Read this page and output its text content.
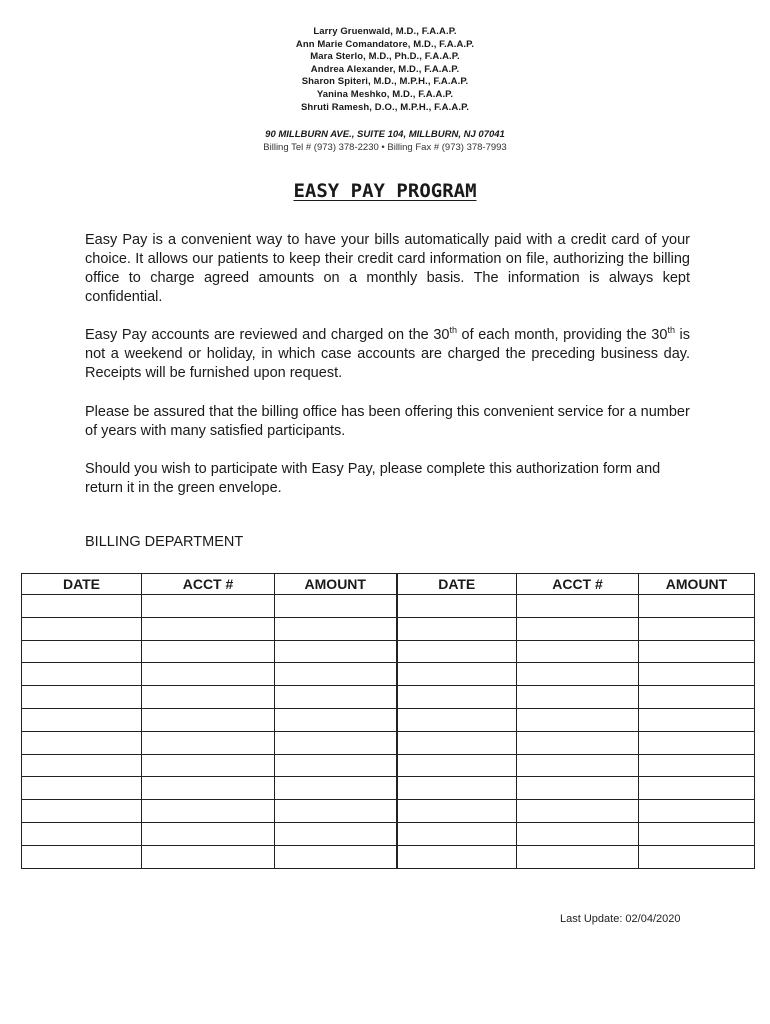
Larry Gruenwald, M.D., F.A.A.P.
Ann Marie Comandatore, M.D., F.A.A.P.
Mara Sterlo, M.D., Ph.D., F.A.A.P.
Andrea Alexander, M.D., F.A.A.P.
Sharon Spiteri, M.D., M.P.H., F.A.A.P.
Yanina Meshko, M.D., F.A.A.P.
Shruti Ramesh, D.O., M.P.H., F.A.A.P.
90 MILLBURN AVE., SUITE 104, MILLBURN, NJ 07041
Billing Tel # (973) 378-2230 • Billing Fax # (973) 378-7993
EASY PAY PROGRAM
Easy Pay is a convenient way to have your bills automatically paid with a credit card of your choice. It allows our patients to keep their credit card information on file, authorizing the billing office to charge agreed amounts on a monthly basis. The information is always kept confidential.
Easy Pay accounts are reviewed and charged on the 30th of each month, providing the 30th is not a weekend or holiday, in which case accounts are charged the preceding business day. Receipts will be furnished upon request.
Please be assured that the billing office has been offering this convenient service for a number of years with many satisfied participants.
Should you wish to participate with Easy Pay, please complete this authorization form and return it in the green envelope.
BILLING DEPARTMENT
DATE	ACCT #	AMOUNT	DATE	ACCT #	AMOUNT

Last Update: 02/04/2020
